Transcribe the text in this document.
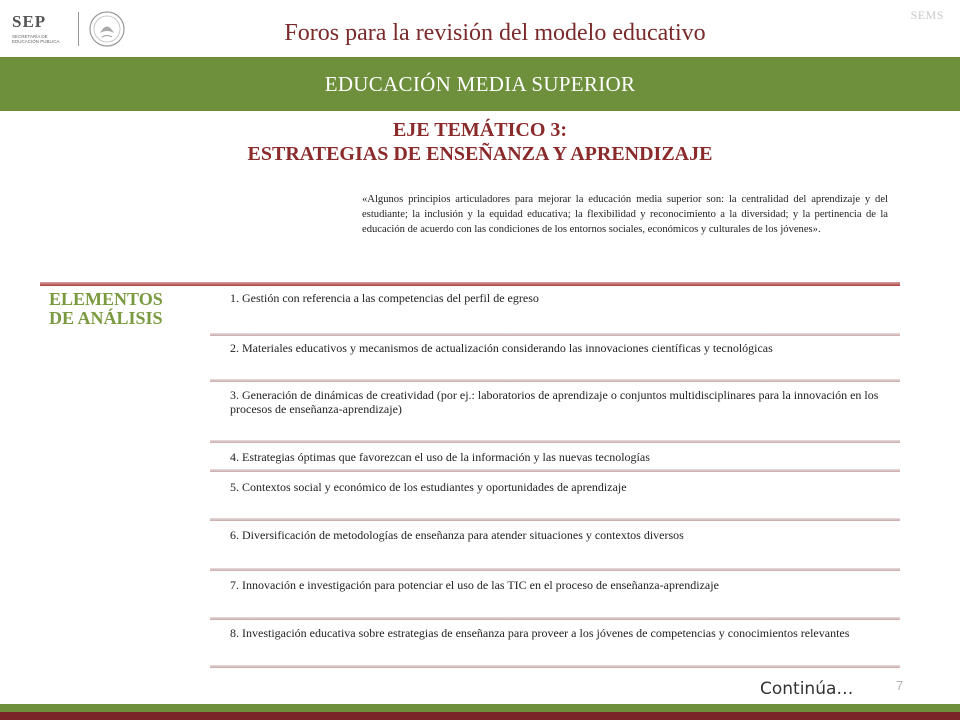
SEP
SECRETARÍA DE EDUCACIÓN PÚBLICA	Foros para la revisión del modelo educativo
SEMS
EDUCACIÓN MEDIA SUPERIOR
EJE TEMÁTICO 3:
ESTRATEGIAS DE ENSEÑANZA Y APRENDIZAJE
«Algunos principios articuladores para mejorar la educación media superior son: la centralidad del aprendizaje y del estudiante; la inclusión y la equidad educativa; la flexibilidad y reconocimiento a la diversidad; y la pertinencia de la educación de acuerdo con las condiciones de los entornos sociales, económicos y culturales de los jóvenes».
ELEMENTOS
DE ANÁLISIS
1. Gestión con referencia a las competencias del perfil de egreso
2. Materiales educativos y mecanismos de actualización considerando las innovaciones científicas y tecnológicas
3. Generación de dinámicas de creatividad (por ej.: laboratorios de aprendizaje o conjuntos multidisciplinares para la innovación en los procesos de enseñanza-aprendizaje)
4. Estrategias óptimas que favorezcan el uso de la información y las nuevas tecnologías
5. Contextos social y económico de los estudiantes y oportunidades de aprendizaje
6. Diversificación de metodologías de enseñanza para atender situaciones y contextos diversos
7. Innovación e investigación para potenciar el uso de las TIC en el proceso de enseñanza-aprendizaje
8. Investigación educativa sobre estrategias de enseñanza para proveer a los jóvenes de competencias y conocimientos relevantes
Continúa…	7
